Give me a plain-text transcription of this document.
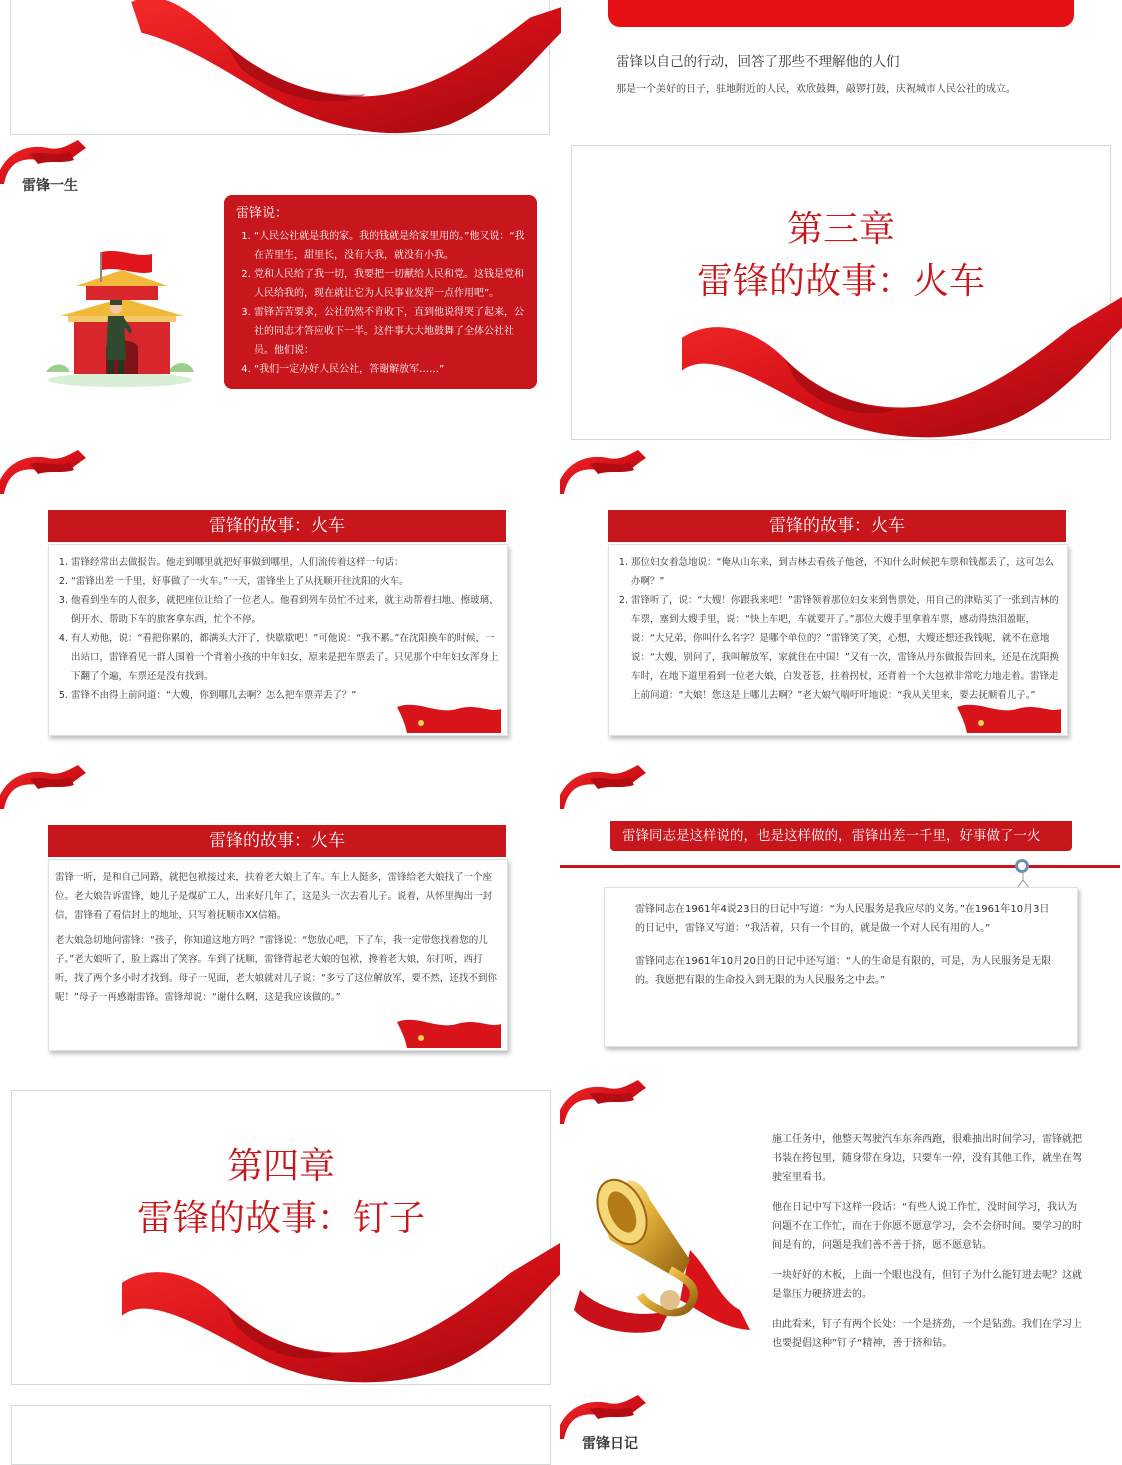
雷锋以自己的行动，回答了那些不理解他的人们
那是一个美好的日子，驻地附近的人民，欢欣鼓舞，敲锣打鼓，庆祝城市人民公社的成立。
雷锋一生
雷锋说：
1. “人民公社就是我的家。我的钱就是给家里用的。”他又说：“我在苦里生，甜里长，没有大我，就没有小我。
2. 党和人民给了我一切，我要把一切献给人民和党。这钱是党和人民给我的，现在就让它为人民事业发挥一点作用吧”。
3. 雷锋苦苦要求，公社仍然不肯收下，直到他说得哭了起来，公社的同志才答应收下一半。这件事大大地鼓舞了全体公社社员。他们说：
4. “我们一定办好人民公社，答谢解放军……”
第三章
雷锋的故事：火车
雷锋的故事：火车
1. 雷锋经常出去做报告。他走到哪里就把好事做到哪里，人们流传着这样一句话：
2. “雷锋出差一千里，好事做了一火车。”一天，雷锋坐上了从抚顺开往沈阳的火车。
3. 他看到坐车的人很多，就把座位让给了一位老人。他看到列车员忙不过来，就主动帮着扫地、擦玻璃、倒开水、帮助下车的旅客拿东西，忙个不停。
4. 有人劝他，说：“看把你累的，都满头大汗了，快歇歇吧！”可他说：“我不累。”在沈阳换车的时候，一出站口，雷锋看见一群人围着一个背着小孩的中年妇女，原来是把车票丢了。只见那个中年妇女浑身上下翻了个遍，车票还是没有找到。
5. 雷锋不由得上前问道：“大嫂，你到哪儿去啊？怎么把车票弄丢了？”
雷锋的故事：火车
1. 那位妇女着急地说：“俺从山东来，到吉林去看孩子他爸，不知什么时候把车票和钱都丢了，这可怎么办啊？”
2. 雷锋听了，说：“大嫂！你跟我来吧！”雷锋领着那位妇女来到售票处，用自己的津贴买了一张到吉林的车票，塞到大嫂手里，说：“快上车吧，车就要开了。”那位大嫂手里拿着车票，感动得热泪盈眶，说：“大兄弟，你叫什么名字？是哪个单位的？”雷锋笑了笑，心想，大嫂还想还我钱呢，就不在意地说：“大嫂，别问了，我叫解放军，家就住在中国！”又有一次，雷锋从丹东做报告回来，还是在沈阳换车时，在地下道里看到一位老大娘，白发苍苍，拄着拐杖，还背着一个大包袱非常吃力地走着。雷锋走上前问道：“大娘！您这是上哪儿去啊？”老大娘气喘吁吁地说：“我从关里来，要去抚顺看儿子。”
雷锋的故事：火车

雷锋一听，是和自己同路，就把包袱接过来，扶着老大娘上了车。车上人挺多，雷锋给老大娘找了一个座位。老大娘告诉雷锋，她儿子是煤矿工人，出来好几年了，这是头一次去看儿子。说着，从怀里掏出一封信，雷锋看了看信封上的地址，只写着抚顺市XX信箱。

老大娘急切地问雷锋：“孩子，你知道这地方吗？”雷锋说：“您放心吧，下了车，我一定带您找着您的儿子。”老大娘听了，脸上露出了笑容。车到了抚顺，雷锋背起老大娘的包袱，搀着老大娘，东打听，西打听，找了两个多小时才找到。母子一见面，老大娘就对儿子说：“多亏了这位解放军，要不然，还找不到你呢！”母子一再感谢雷锋。雷锋却说：“谢什么啊，这是我应该做的。”

雷锋同志是这样说的，也是这样做的，雷锋出差一千里，好事做了一火

雷锋同志在1961年4说23日的日记中写道：“为人民服务是我应尽的义务。”在1961年10月3日的日记中，雷锋又写道：“我活着，只有一个目的，就是做一个对人民有用的人。”

雷锋同志在1961年10月20日的日记中还写道：“人的生命是有限的，可是，为人民服务是无限的。我愿把有限的生命投入到无限的为人民服务之中去。”

第四章
雷锋的故事：钉子

施工任务中，他整天驾驶汽车东奔西跑，很难抽出时间学习，雷锋就把书装在挎包里，随身带在身边，只要车一停，没有其他工作，就坐在驾驶室里看书。

他在日记中写下这样一段话：“有些人说工作忙，没时间学习，我认为问题不在工作忙，而在于你愿不愿意学习，会不会挤时间。要学习的时间是有的，问题是我们善不善于挤，愿不愿意钻。

一块好好的木板，上面一个眼也没有，但钉子为什么能钉进去呢？这就是靠压力硬挤进去的。

由此看来，钉子有两个长处：一个是挤劲，一个是钻劲。我们在学习上也要提倡这种”钉子“精神，善于挤和钻。

雷锋日记
